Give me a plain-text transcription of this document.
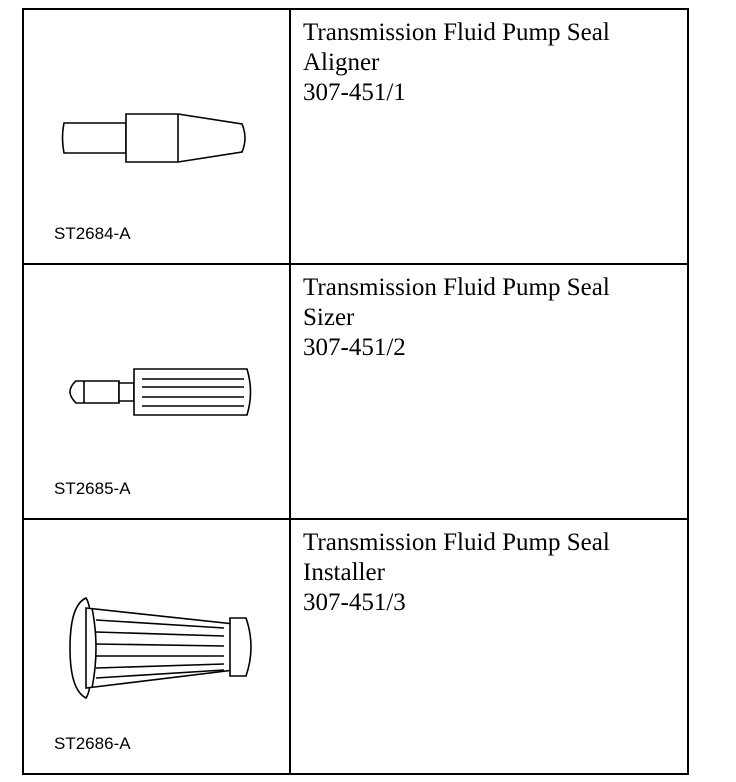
ST2684-A	Transmission Fluid Pump Seal
Aligner
307-451/1

ST2685-A	Transmission Fluid Pump Seal
Sizer
307-451/2

ST2686-A	Transmission Fluid Pump Seal
Installer
307-451/3
